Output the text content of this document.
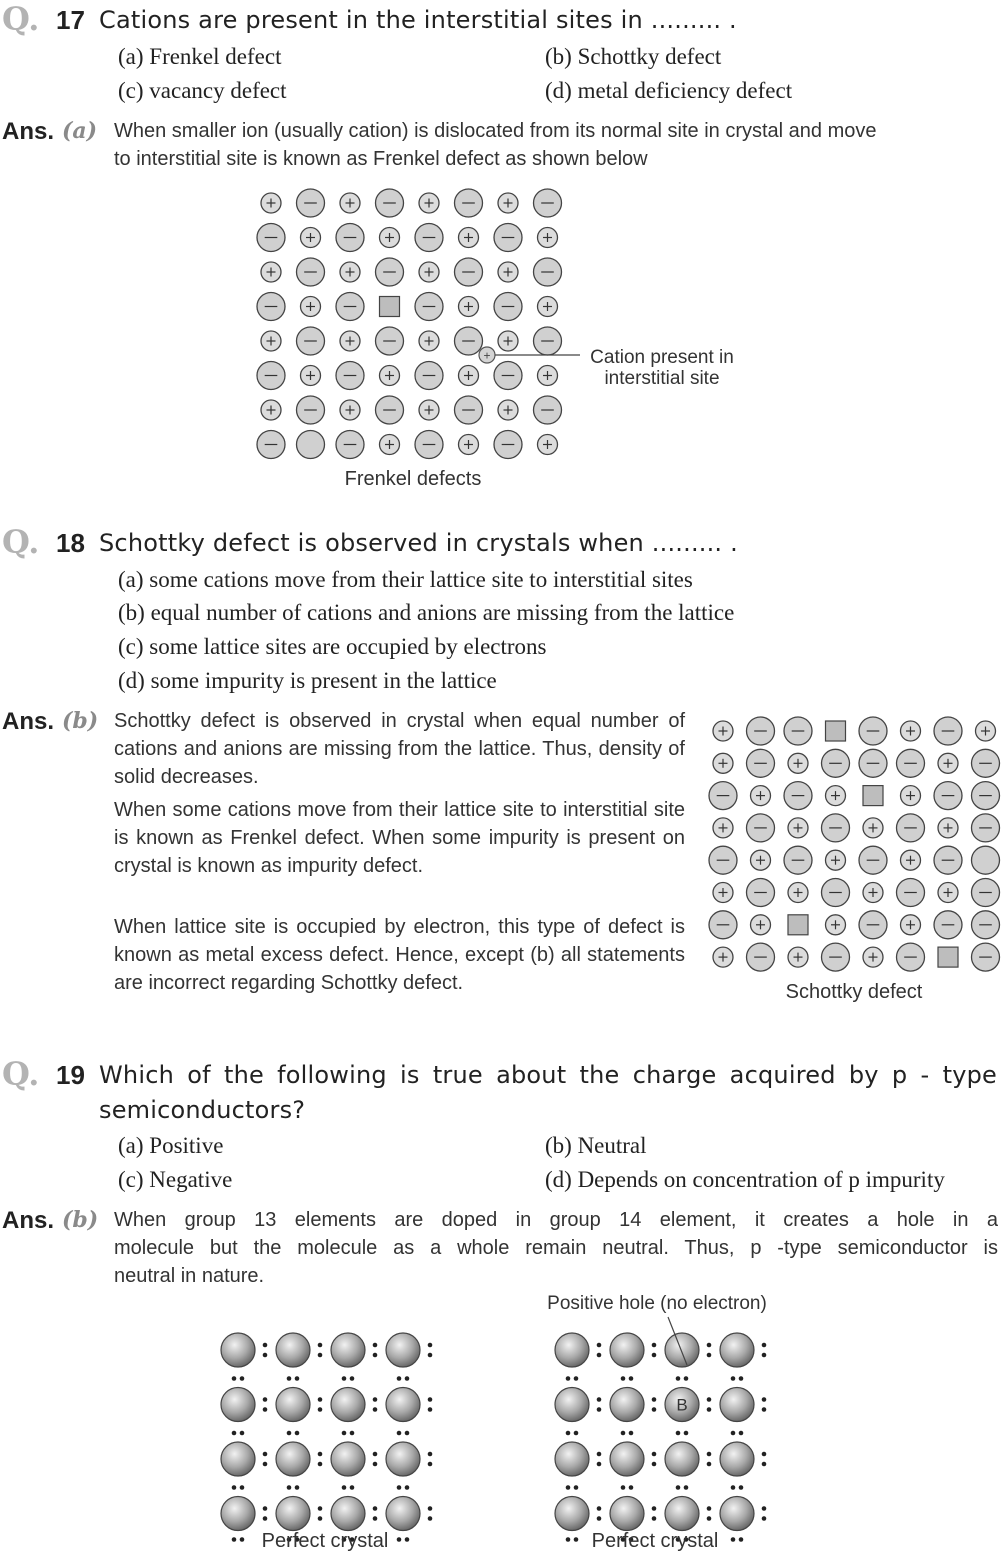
Q. 17 Cations are present in the interstitial sites in ......... .
(a) Frenkel defect	(b) Schottky defect
(c) vacancy defect	(d) metal deficiency defect
Ans. (a) When smaller ion (usually cation) is dislocated from its normal site in crystal and move
to interstitial site is known as Frenkel defect as shown below
+	Cation present in
interstitial site
Frenkel defects
Q. 18 Schottky defect is observed in crystals when ......... .
(a) some cations move from their lattice site to interstitial sites
(b) equal number of cations and anions are missing from the lattice
(c) some lattice sites are occupied by electrons
(d) some impurity is present in the lattice
Ans. (b) Schottky defect is observed in crystal when equal number of cations and anions are missing from the lattice. Thus, density of solid decreases.
When some cations move from their lattice site to interstitial site is known as Frenkel defect. When some impurity is present on crystal is known as impurity defect.
When lattice site is occupied by electron, this type of defect is known as metal excess defect. Hence, except (b) all statements are incorrect regarding Schottky defect.	Schottky defect
Q. 19 Which of the following is true about the charge acquired by p - type
semiconductors?
(a) Positive	(b) Neutral
(c) Negative	(d) Depends on concentration of p impurity
Ans. (b) When group 13 elements are doped in group 14 element, it creates a hole in a
molecule but the molecule as a whole remain neutral. Thus, p -type semiconductor is
neutral in nature.
B
Positive hole (no electron)
Perfect crystal	Perfect crystal
